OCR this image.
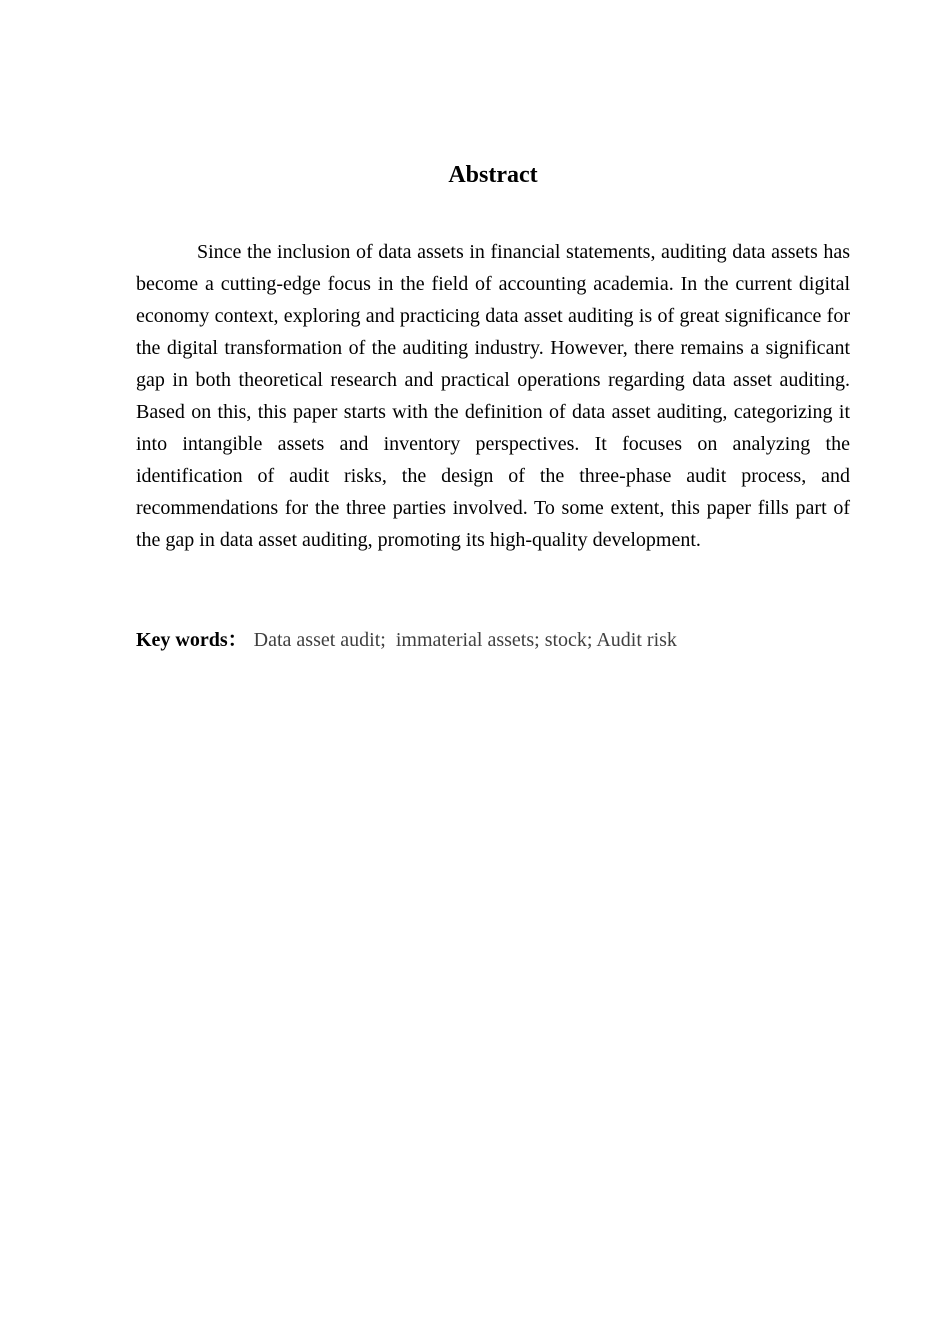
Abstract

Since the inclusion of data assets in financial statements, auditing data assets has become a cutting-edge focus in the field of accounting academia. In the current digital economy context, exploring and practicing data asset auditing is of great significance for the digital transformation of the auditing industry. However, there remains a significant gap in both theoretical research and practical operations regarding data asset auditing. Based on this, this paper starts with the definition of data asset auditing, categorizing it into intangible assets and inventory perspectives. It focuses on analyzing the identification of audit risks, the design of the three-phase audit process, and recommendations for the three parties involved. To some extent, this paper fills part of the gap in data asset auditing, promoting its high-quality development.

Key words： Data asset audit;  immaterial assets; stock; Audit risk
